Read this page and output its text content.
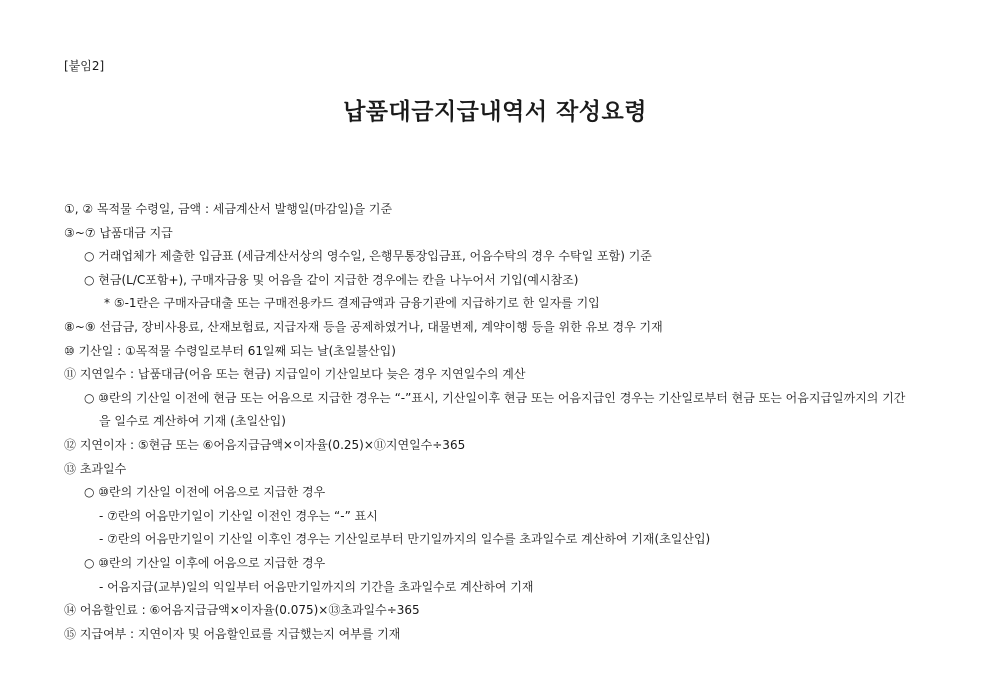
[붙임2]
납품대금지급내역서 작성요령
①, ② 목적물 수령일, 금액 : 세금계산서 발행일(마감일)을 기준
③~⑦ 납품대금 지급
○ 거래업체가 제출한 입금표 (세금계산서상의 영수일, 은행무통장입금표, 어음수탁의 경우 수탁일 포함) 기준
○ 현금(L/C포함+), 구매자금융 및 어음을 같이 지급한 경우에는 칸을 나누어서 기입(예시참조)
* ⑤-1란은 구매자금대출 또는 구매전용카드 결제금액과 금융기관에 지급하기로 한 일자를 기입
⑧~⑨ 선급금, 장비사용료, 산재보험료, 지급자재 등을 공제하였거나, 대물변제, 계약이행 등을 위한 유보 경우 기재
⑩ 기산일 : ①목적물 수령일로부터 61일째 되는 날(초일불산입)
⑪ 지연일수 : 납품대금(어음 또는 현금) 지급일이 기산일보다 늦은 경우 지연일수의 계산
○ ⑩란의 기산일 이전에 현금 또는 어음으로 지급한 경우는 “-”표시, 기산일이후 현금 또는 어음지급인 경우는 기산일로부터 현금 또는 어음지급일까지의 기간
을 일수로 계산하여 기재 (초일산입)
⑫ 지연이자 : ⑤현금 또는 ⑥어음지급금액×이자율(0.25)×⑪지연일수÷365
⑬ 초과일수
○ ⑩란의 기산일 이전에 어음으로 지급한 경우
- ⑦란의 어음만기일이 기산일 이전인 경우는 “-” 표시
- ⑦란의 어음만기일이 기산일 이후인 경우는 기산일로부터 만기일까지의 일수를 초과일수로 계산하여 기재(초일산입)
○ ⑩란의 기산일 이후에 어음으로 지급한 경우
- 어음지급(교부)일의 익일부터 어음만기일까지의 기간을 초과일수로 계산하여 기재
⑭ 어음할인료 : ⑥어음지급금액×이자율(0.075)×⑬초과일수÷365
⑮ 지급여부 : 지연이자 및 어음할인료를 지급했는지 여부를 기재
